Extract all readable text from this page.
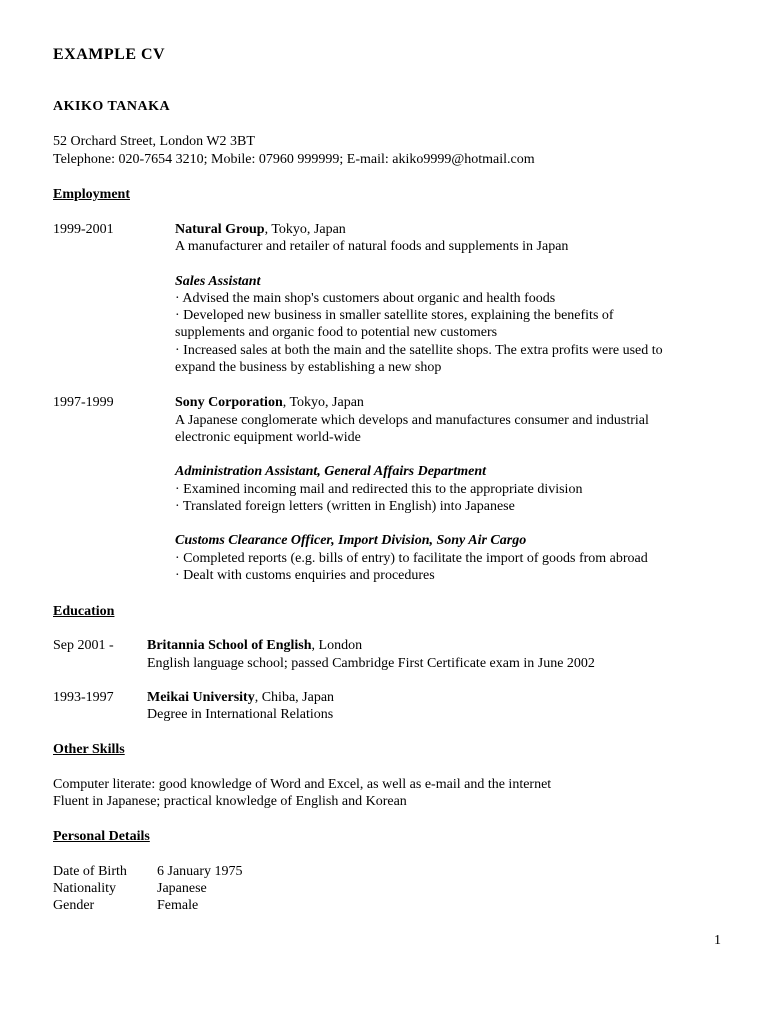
EXAMPLE CV
AKIKO TANAKA
52 Orchard Street, London W2 3BT
Telephone: 020-7654 3210; Mobile: 07960 999999; E-mail: akiko9999@hotmail.com
Employment
1999-2001	Natural Group, Tokyo, Japan
A manufacturer and retailer of natural foods and supplements in Japan
Sales Assistant
· Advised the main shop's customers about organic and health foods
· Developed new business in smaller satellite stores, explaining the benefits of
supplements and organic food to potential new customers
· Increased sales at both the main and the satellite shops. The extra profits were used to
expand the business by establishing a new shop
1997-1999	Sony Corporation, Tokyo, Japan
A Japanese conglomerate which develops and manufactures consumer and industrial
electronic equipment world-wide
Administration Assistant, General Affairs Department
· Examined incoming mail and redirected this to the appropriate division
· Translated foreign letters (written in English) into Japanese
Customs Clearance Officer, Import Division, Sony Air Cargo
· Completed reports (e.g. bills of entry) to facilitate the import of goods from abroad
· Dealt with customs enquiries and procedures
Education
Sep 2001 - Britannia School of English, London
English language school; passed Cambridge First Certificate exam in June 2002
1993-1997 Meikai University, Chiba, Japan
Degree in International Relations
Other Skills
Computer literate: good knowledge of Word and Excel, as well as e-mail and the internet
Fluent in Japanese; practical knowledge of English and Korean
Personal Details
Date of Birth 6 January 1975
Nationality	Japanese
Gender	Female
1
